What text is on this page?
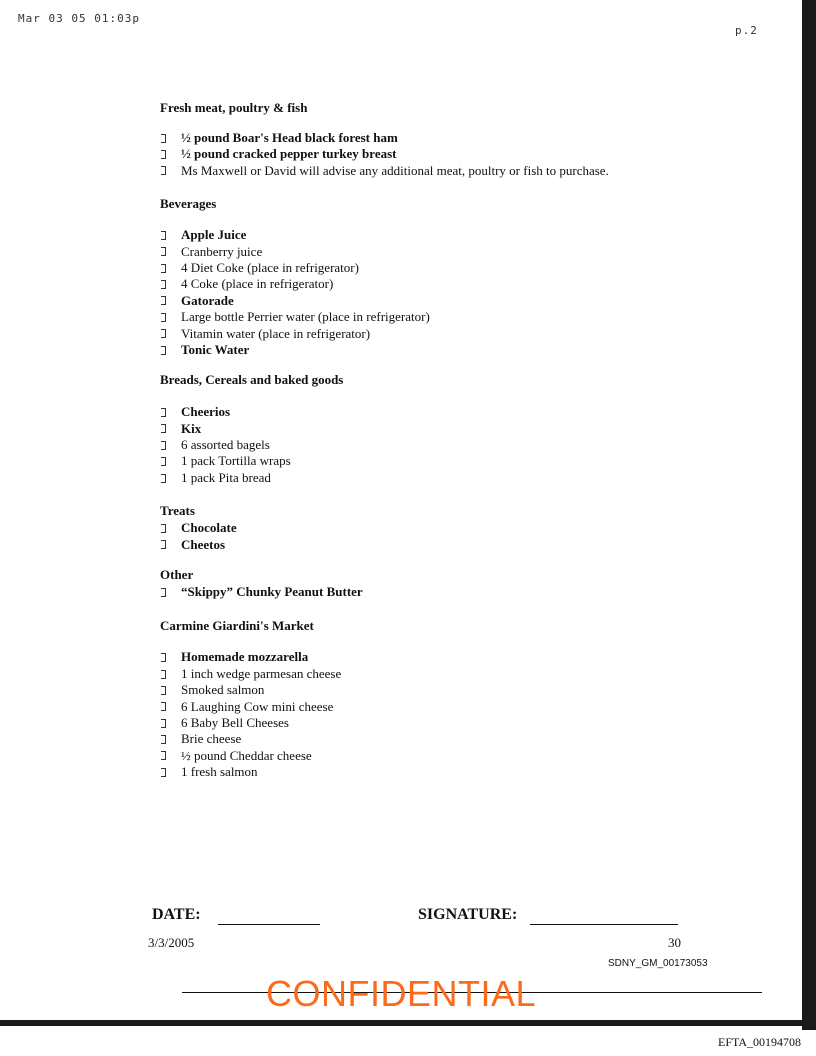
Mar 03 05 01:03p
p.2

Fresh meat, poultry & fish

½ pound Boar's Head black forest ham
½ pound cracked pepper turkey breast
Ms Maxwell or David will advise any additional meat, poultry or fish to purchase.

Beverages

Apple Juice
Cranberry juice
4 Diet Coke (place in refrigerator)
4 Coke (place in refrigerator)
Gatorade
Large bottle Perrier water (place in refrigerator)
Vitamin water (place in refrigerator)
Tonic Water

Breads, Cereals and baked goods

Cheerios
Kix
6 assorted bagels
1 pack Tortilla wraps
1 pack Pita bread

Treats

Chocolate
Cheetos

Other

“Skippy” Chunky Peanut Butter

Carmine Giardini's Market

Homemade mozzarella
1 inch wedge parmesan cheese
Smoked salmon
6 Laughing Cow mini cheese
6 Baby Bell Cheeses
Brie cheese
½ pound Cheddar cheese
1 fresh salmon
DATE:	SIGNATURE:
3/3/2005	30
SDNY_GM_00173053
CONFIDENTIAL
EFTA_00194708
